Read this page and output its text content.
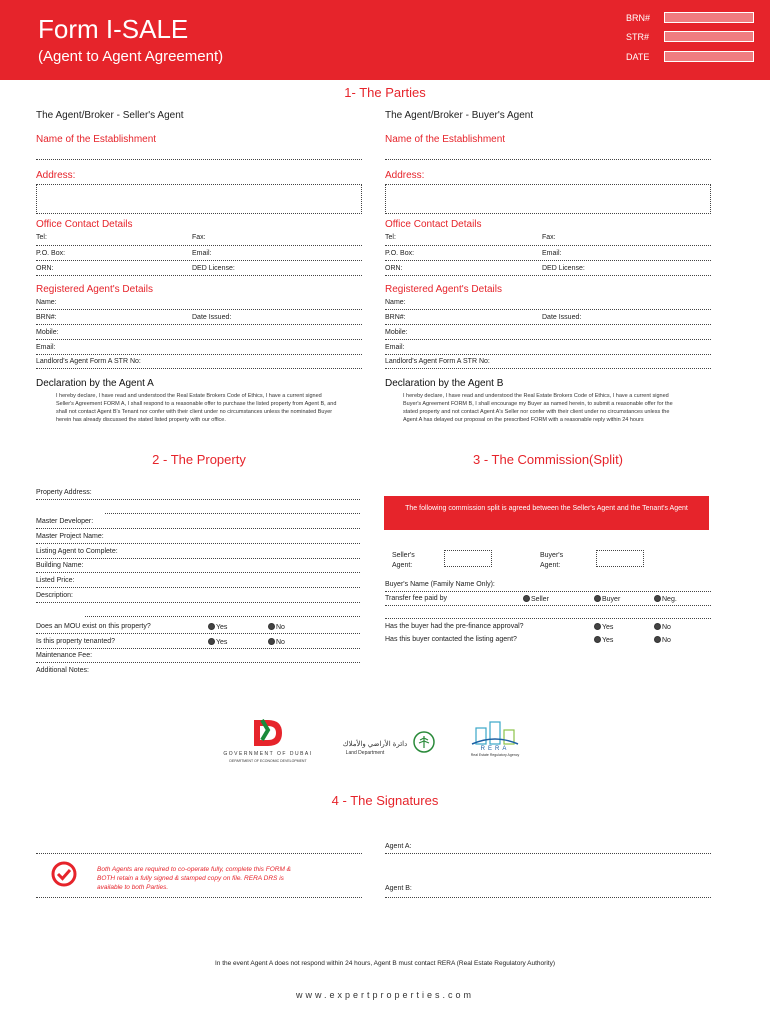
Form I-SALE
(Agent to Agent Agreement)
BRN#
STR#
DATE
1- The Parties
The Agent/Broker - Seller's Agent
Name of the Establishment
Address:
Office Contact Details
Tel:	Fax:
P.O. Box:	Email:
ORN:	DED License:
Registered Agent's Details
Name:
BRN#:	Date Issued:
Mobile:
Email:
Landlord's Agent Form A STR No:
Declaration by the Agent A
I hereby declare, I have read and understood the Real Estate Brokers Code of Ethics, I have a current signed Seller's Agreement FORM A, I shall respond to a reasonable offer to purchase the listed property from Agent B, and shall not contact Agent B's Tenant nor confer with their client under no circumstances unless the nominated Buyer herein has already discussed the stated listed property with our office.
The Agent/Broker - Buyer's Agent
Name of the Establishment
Address:
Office Contact Details
Tel:	Fax:
P.O. Box:	Email:
ORN:	DED License:
Registered Agent's Details
Name:
BRN#:	Date Issued:
Mobile:
Email:
Landlord's Agent Form A STR No:
Declaration by the Agent B
I hereby declare, I have read and understood the Real Estate Brokers Code of Ethics, I have a current signed Buyer's Agreement FORM B, I shall encourage my Buyer as named herein, to submit a reasonable offer for the stated property and not contact Agent A's Seller nor confer with their client under no circumstances unless the Agent A has delayed our proposal on the prescribed FORM with a reasonable reply within 24 hours
2 - The Property
Property Address:
Master Developer:
Master Project Name:
Listing Agent to Complete:
Building Name:
Listed Price:
Description:
Does an MOU exist on this property?	Yes	No
Is this property tenanted?	Yes	No
Maintenance Fee:
Additional Notes:
3 - The Commission(Split)
The following commission split is agreed between the Seller's Agent and the Tenant's Agent
Seller's Agent:
Buyer's Agent:
Buyer's Name (Family Name Only):
Transfer fee paid by	Seller	Buyer	Neg.
Has the buyer had the pre-finance approval?	Yes	No
Has this buyer contacted the listing agent?	Yes	No
GOVERNMENT OF DUBAI
DEPARTMENT OF ECONOMIC DEVELOPMENT
دائرة الأراضي والأملاك
Land Department
RERA
Real Estate Regulatory Agency
4 - The Signatures
Agent A:
Both Agents are required to co-operate fully, complete this FORM & BOTH retain a fully signed & stamped copy on file. RERA DRS is available to both Parties.	Agent B:
In the event Agent A does not respond within 24 hours, Agent B must contact RERA (Real Estate Regulatory Authority)
www.expertproperties.com
